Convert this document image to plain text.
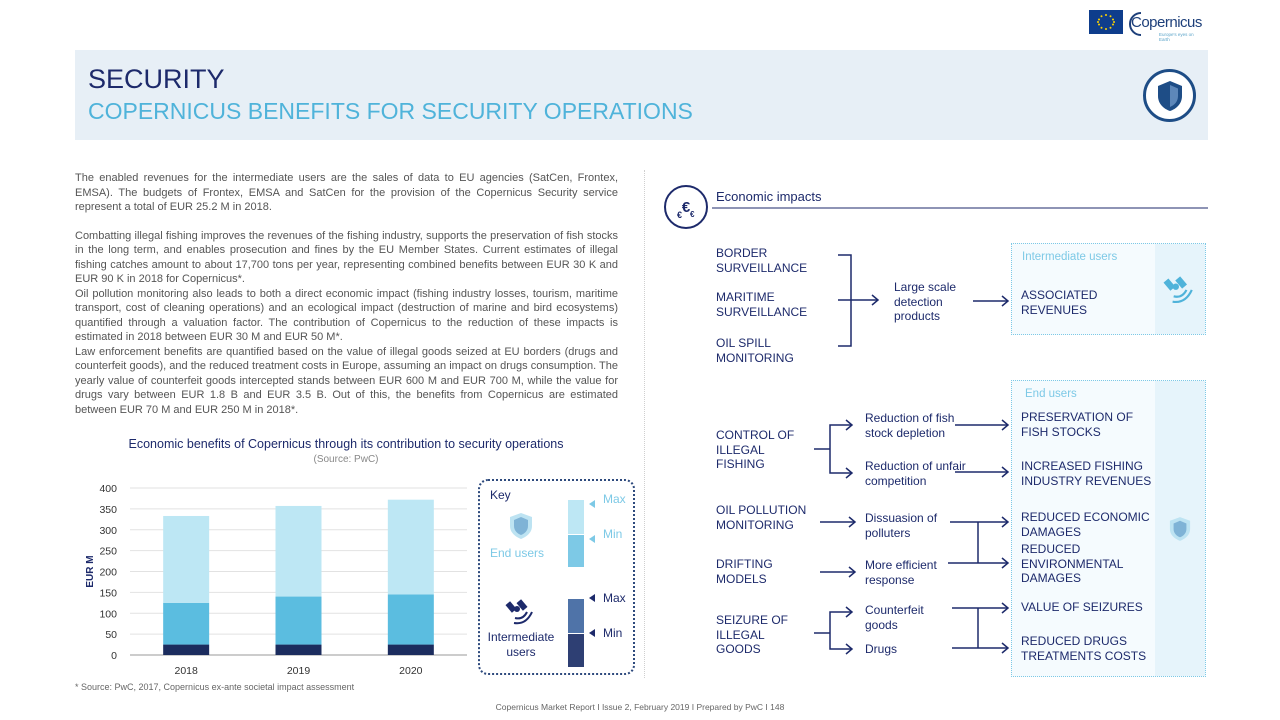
Copernicus
Europe's eyes on Earth
SECURITY
COPERNICUS BENEFITS FOR SECURITY OPERATIONS

The enabled revenues for the intermediate users are the sales of data to EU agencies (SatCen, Frontex, EMSA). The budgets of Frontex, EMSA and SatCen for the provision of the Copernicus Security service represent a total of EUR 25.2 M in 2018.

Combatting illegal fishing improves the revenues of the fishing industry, supports the preservation of fish stocks in the long term, and enables prosecution and fines by the EU Member States. Current estimates of illegal fishing catches amount to about 17,700 tons per year, representing combined benefits between EUR 30 K and EUR 90 K in 2018 for Copernicus*.

Oil pollution monitoring also leads to both a direct economic impact (fishing industry losses, tourism, maritime transport, cost of cleaning operations) and an ecological impact (destruction of marine and bird ecosystems) quantified through a valuation factor. The contribution of Copernicus to the reduction of these impacts is estimated in 2018 between EUR 30 M and EUR 50 M*.

Law enforcement benefits are quantified based on the value of illegal goods seized at EU borders (drugs and counterfeit goods), and the reduced treatment costs in Europe, assuming an impact on drugs consumption. The yearly value of counterfeit goods intercepted stands between EUR 600 M and EUR 700 M, while the value for drugs vary between EUR 1.8 B and EUR 3.5 B. Out of this, the benefits from Copernicus are estimated between EUR 70 M and EUR 250 M in 2018*.

Economic benefits of Copernicus through its contribution to security operations
(Source: PwC)
0
50
100
150
200
250
300
350
400
EUR M
2018	2019	2020
Key
End users
Intermediate users
Max
Min
Max
Min
* Source: PwC, 2017, Copernicus ex-ante societal impact assessment
Copernicus Market Report I Issue 2, February 2019 I Prepared by PwC I 148
€
€ €
Economic impacts
BORDER SURVEILLANCE
MARITIME SURVEILLANCE
OIL SPILL MONITORING
Large scale detection products
Intermediate users
ASSOCIATED REVENUES
End users
CONTROL OF ILLEGAL FISHING
Reduction of fish stock depletion
Reduction of unfair competition
PRESERVATION OF FISH STOCKS
INCREASED FISHING INDUSTRY REVENUES
OIL POLLUTION MONITORING	Dissuasion of polluters
REDUCED ECONOMIC DAMAGES
REDUCED ENVIRONMENTAL DAMAGES
DRIFTING MODELS
More efficient response
SEIZURE OF ILLEGAL GOODS
Counterfeit goods
Drugs
VALUE OF SEIZURES
REDUCED DRUGS TREATMENTS COSTS
